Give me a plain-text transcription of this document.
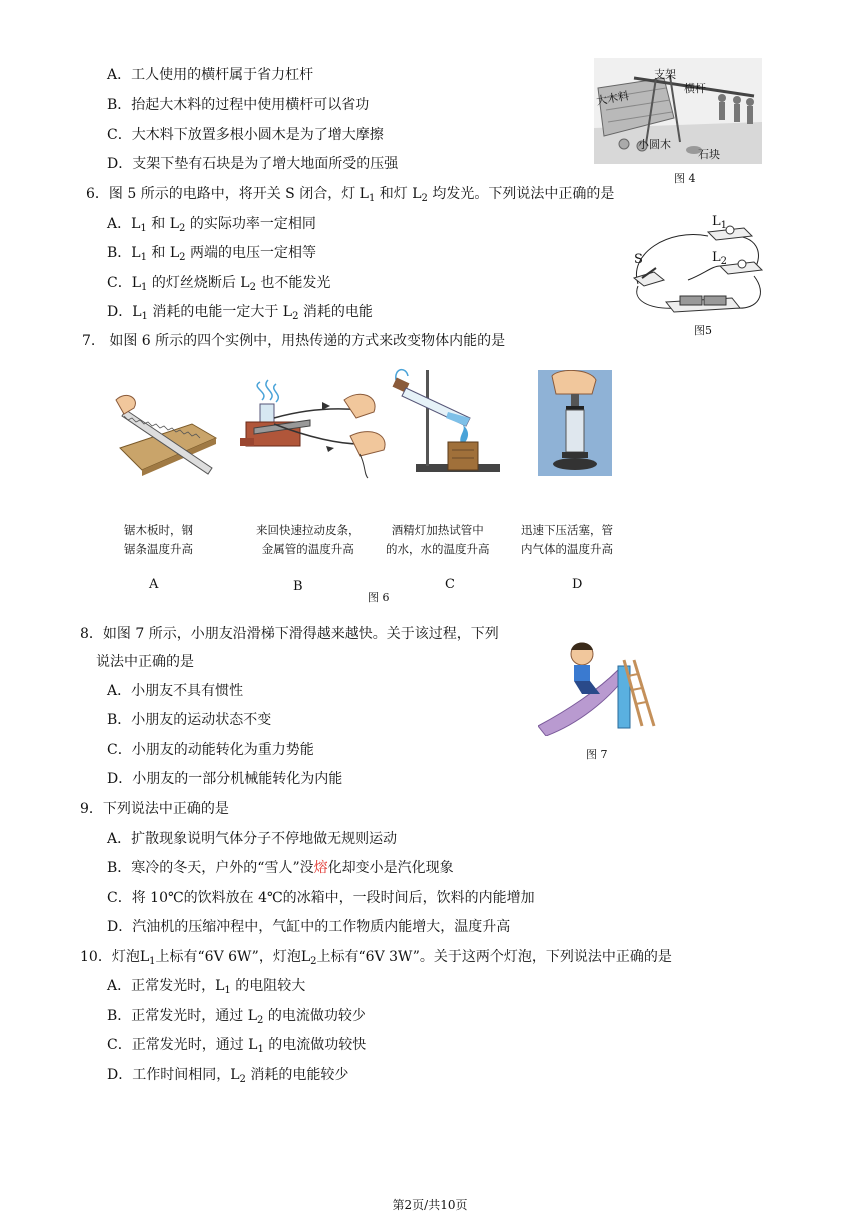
A．工人使用的横杆属于省力杠杆
B．抬起大木料的过程中使用横杆可以省功
C．大木料下放置多根小圆木是为了增大摩擦
D．支架下垫有石块是为了增大地面所受的压强
大木料
支架
横杆
小圆木
石块
图 4
6．图 5 所示的电路中，将开关 S 闭合，灯 $L_1$ 和灯 $L_2$ 均发光。下列说法中正确的是
A．$L_1$ 和 $L_2$ 的实际功率一定相同
B．$L_1$ 和 $L_2$ 两端的电压一定相等
C．$L_1$ 的灯丝烧断后 $L_2$ 也不能发光
D．$L_1$ 消耗的电能一定大于 $L_2$ 消耗的电能
S
$L_1$
$L_2$
图5
7.　如图 6 所示的四个实例中，用热传递的方式来改变物体内能的是
锯木板时，钢
锯条温度升高
来回快速拉动皮条，
金属管的温度升高
酒精灯加热试管中
的水，水的温度升高
迅速下压活塞，管
内气体的温度升高
A	B	C	D
图 6
8．如图 7 所示，小朋友沿滑梯下滑得越来越快。关于该过程，下列
说法中正确的是
A．小朋友不具有惯性
B．小朋友的运动状态不变
C．小朋友的动能转化为重力势能
D．小朋友的一部分机械能转化为内能
图 7
9．下列说法中正确的是
A．扩散现象说明气体分子不停地做无规则运动
B．寒冷的冬天，户外的“雪人”没熔化却变小是汽化现象
C．将 10℃的饮料放在 4℃的冰箱中，一段时间后，饮料的内能增加
D．汽油机的压缩冲程中，气缸中的工作物质内能增大，温度升高
10．灯泡$L_1$上标有“6V 6W”，灯泡$L_2$上标有“6V 3W”。关于这两个灯泡，下列说法中正确的是
A．正常发光时，$L_1$ 的电阻较大
B．正常发光时，通过 $L_2$ 的电流做功较少
C．正常发光时，通过 $L_1$ 的电流做功较快
D．工作时间相同，$L_2$ 消耗的电能较少
第2页/共10页
